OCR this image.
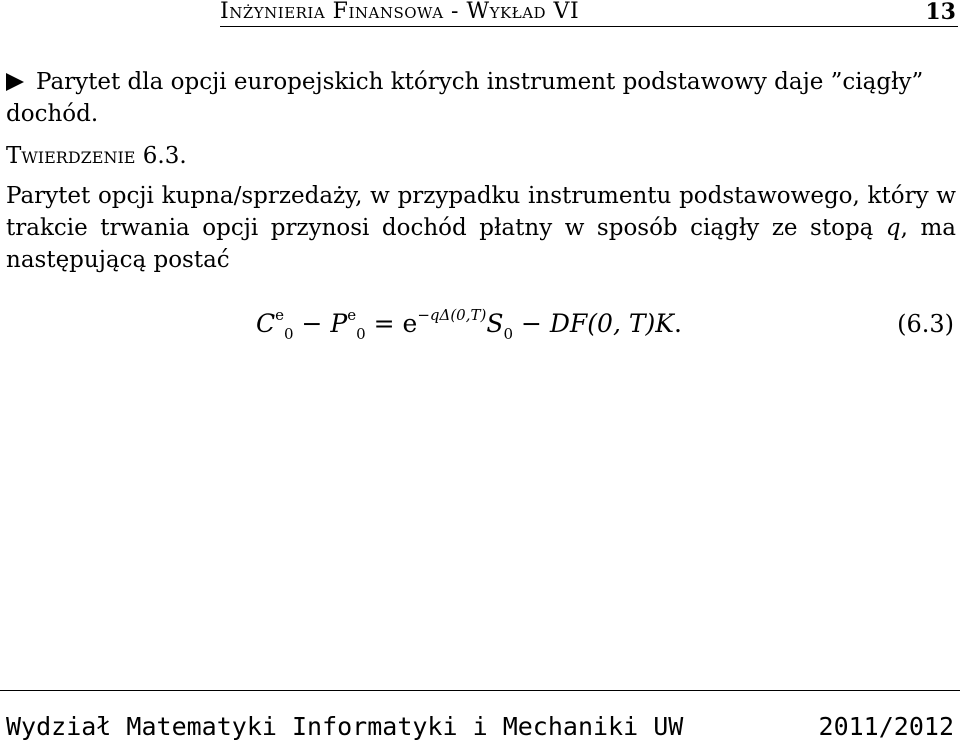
Inżynieria Finansowa - Wykład VI	13
Parytet dla opcji europejskich których instrument podstawowy daje ”ciągły” dochód.
Twierdzenie 6.3.
Parytet opcji kupna/sprzedaży, w przypadku instrumentu podstawowego, który w trakcie trwania opcji przynosi dochód płatny w sposób ciągły ze stopą q, ma następującą postać
$C^e_0 - P^e_0 = e^{-q\Delta(0,T)}S_0 - DF(0$, T)K.	(6.3)
Wydział Matematyki Informatyki i Mechaniki UW	2011/2012
